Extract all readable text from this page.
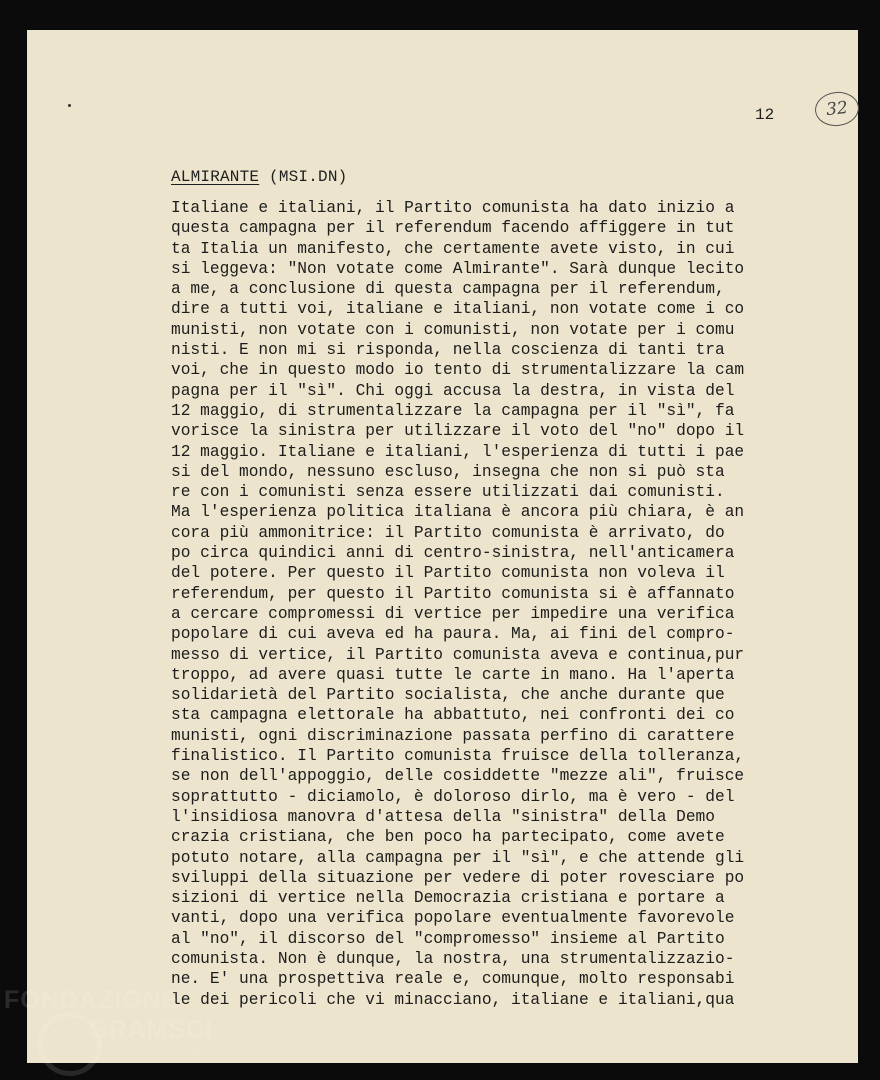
32
12
ALMIRANTE (MSI.DN)
Italiane e italiani, il Partito comunista ha dato inizio a
questa campagna per il referendum facendo affiggere in tut
ta Italia un manifesto, che certamente avete visto, in cui
si leggeva: "Non votate come Almirante". Sarà dunque lecito
a me, a conclusione di questa campagna per il referendum,
dire a tutti voi, italiane e italiani, non votate come i co
munisti, non votate con i comunisti, non votate per i comu
nisti. E non mi si risponda, nella coscienza di tanti tra
voi, che in questo modo io tento di strumentalizzare la cam
pagna per il "sì". Chi oggi accusa la destra, in vista del
12 maggio, di strumentalizzare la campagna per il "sì", fa
vorisce la sinistra per utilizzare il voto del "no" dopo il
12 maggio. Italiane e italiani, l'esperienza di tutti i pae
si del mondo, nessuno escluso, insegna che non si può sta
re con i comunisti senza essere utilizzati dai comunisti.
Ma l'esperienza politica italiana è ancora più chiara, è an
cora più ammonitrice: il Partito comunista è arrivato, do
po circa quindici anni di centro-sinistra, nell'anticamera
del potere. Per questo il Partito comunista non voleva il
referendum, per questo il Partito comunista si è affannato
a cercare compromessi di vertice per impedire una verifica
popolare di cui aveva ed ha paura. Ma, ai fini del compro-
messo di vertice, il Partito comunista aveva e continua,pur
troppo, ad avere quasi tutte le carte in mano. Ha l'aperta
solidarietà del Partito socialista, che anche durante que
sta campagna elettorale ha abbattuto, nei confronti dei co
munisti, ogni discriminazione passata perfino di carattere
finalistico. Il Partito comunista fruisce della tolleranza,
se non dell'appoggio, delle cosiddette "mezze ali", fruisce
soprattutto - diciamolo, è doloroso dirlo, ma è vero - del
l'insidiosa manovra d'attesa della "sinistra" della Demo
crazia cristiana, che ben poco ha partecipato, come avete
potuto notare, alla campagna per il "sì", e che attende gli
sviluppi della situazione per vedere di poter rovesciare po
sizioni di vertice nella Democrazia cristiana e portare a
vanti, dopo una verifica popolare eventualmente favorevole
al "no", il discorso del "compromesso" insieme al Partito
comunista. Non è dunque, la nostra, una strumentalizzazio-
ne. E' una prospettiva reale e, comunque, molto responsabi
le dei pericoli che vi minacciano, italiane e italiani,qua
FONDAZIONE
GRAMSCI
onlus
